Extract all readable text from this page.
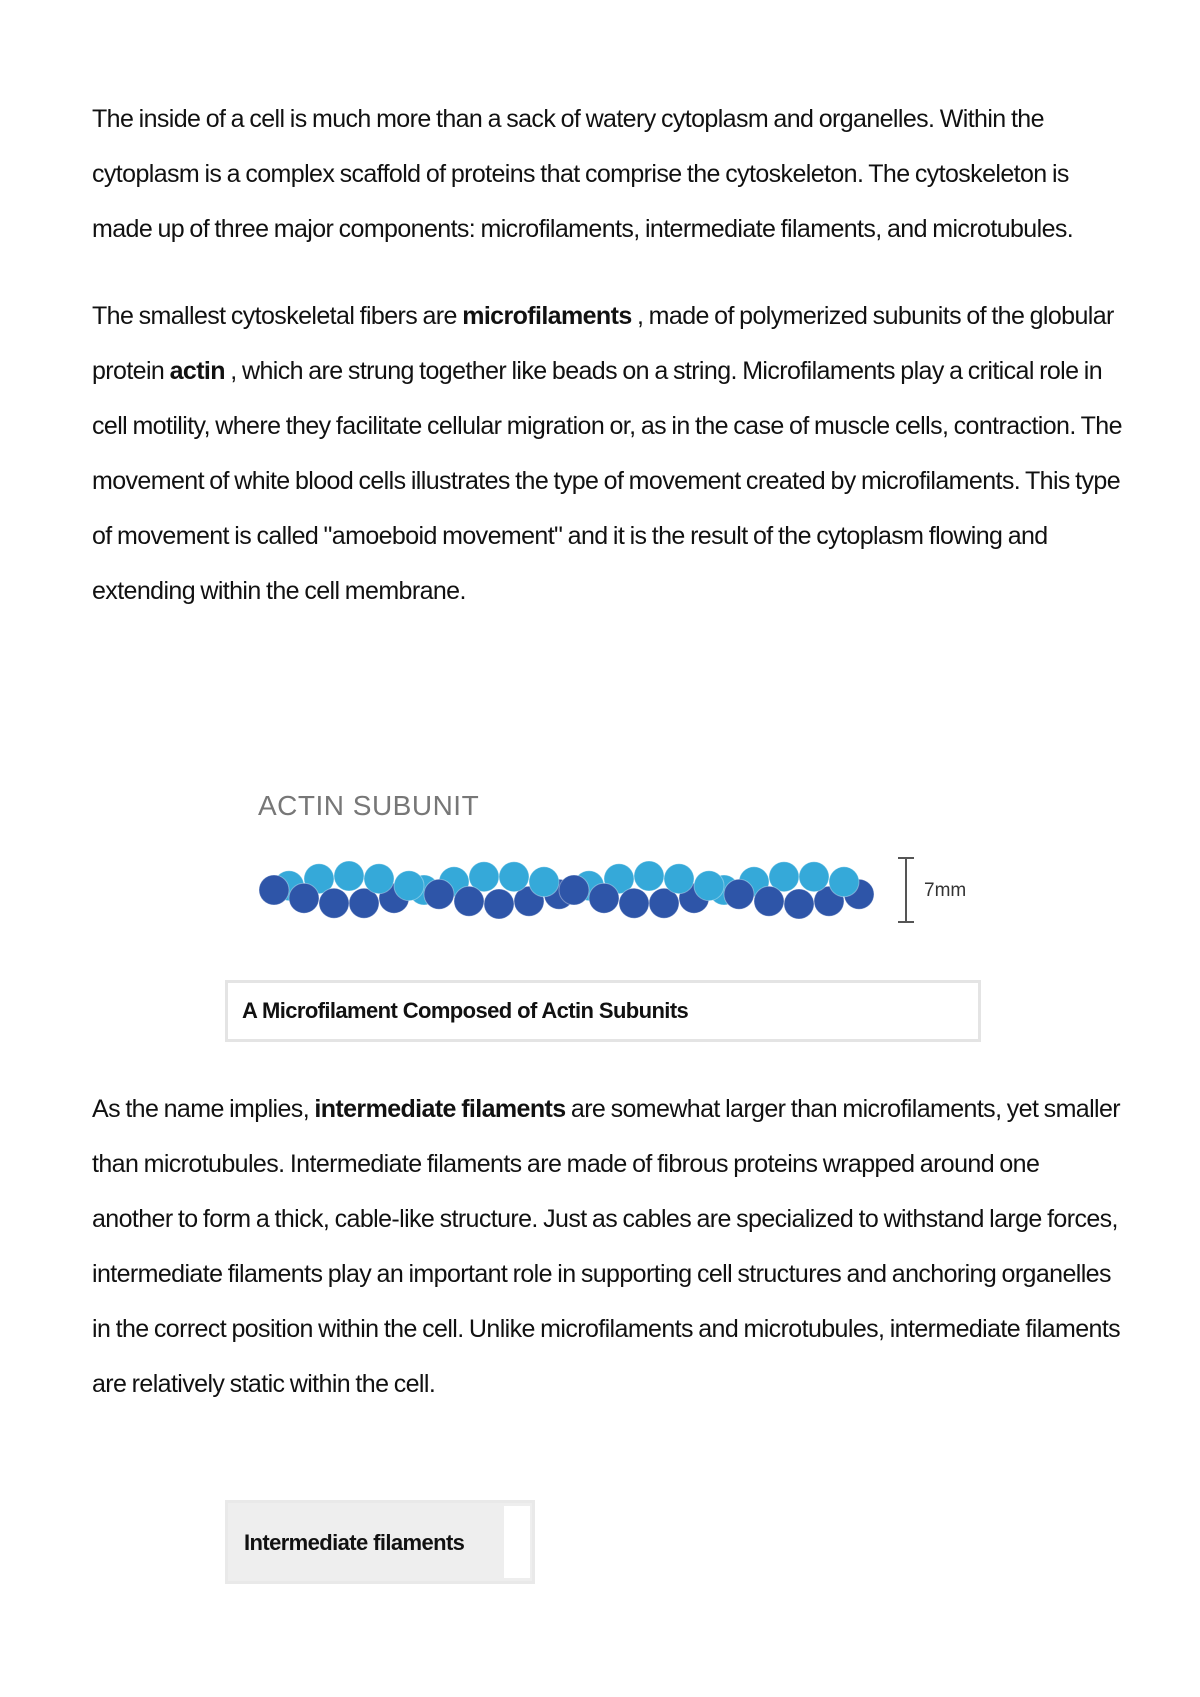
The inside of a cell is much more than a sack of watery cytoplasm and organelles. Within the cytoplasm is a complex scaffold of proteins that comprise the cytoskeleton. The cytoskeleton is made up of three major components: microfilaments, intermediate filaments, and microtubules.

The smallest cytoskeletal fibers are microfilaments , made of polymerized subunits of the globular protein actin , which are strung together like beads on a string. Microfilaments play a critical role in cell motility, where they facilitate cellular migration or, as in the case of muscle cells, contraction. The movement of white blood cells illustrates the type of movement created by microfilaments. This type of movement is called "amoeboid movement" and it is the result of the cytoplasm flowing and extending within the cell membrane.

ACTIN SUBUNIT
7mm
A Microfilament Composed of Actin Subunits

As the name implies, intermediate filaments are somewhat larger than microfilaments, yet smaller than microtubules. Intermediate filaments are made of fibrous proteins wrapped around one another to form a thick, cable-like structure. Just as cables are specialized to withstand large forces, intermediate filaments play an important role in supporting cell structures and anchoring organelles in the correct position within the cell. Unlike microfilaments and microtubules, intermediate filaments are relatively static within the cell.

Intermediate filaments
